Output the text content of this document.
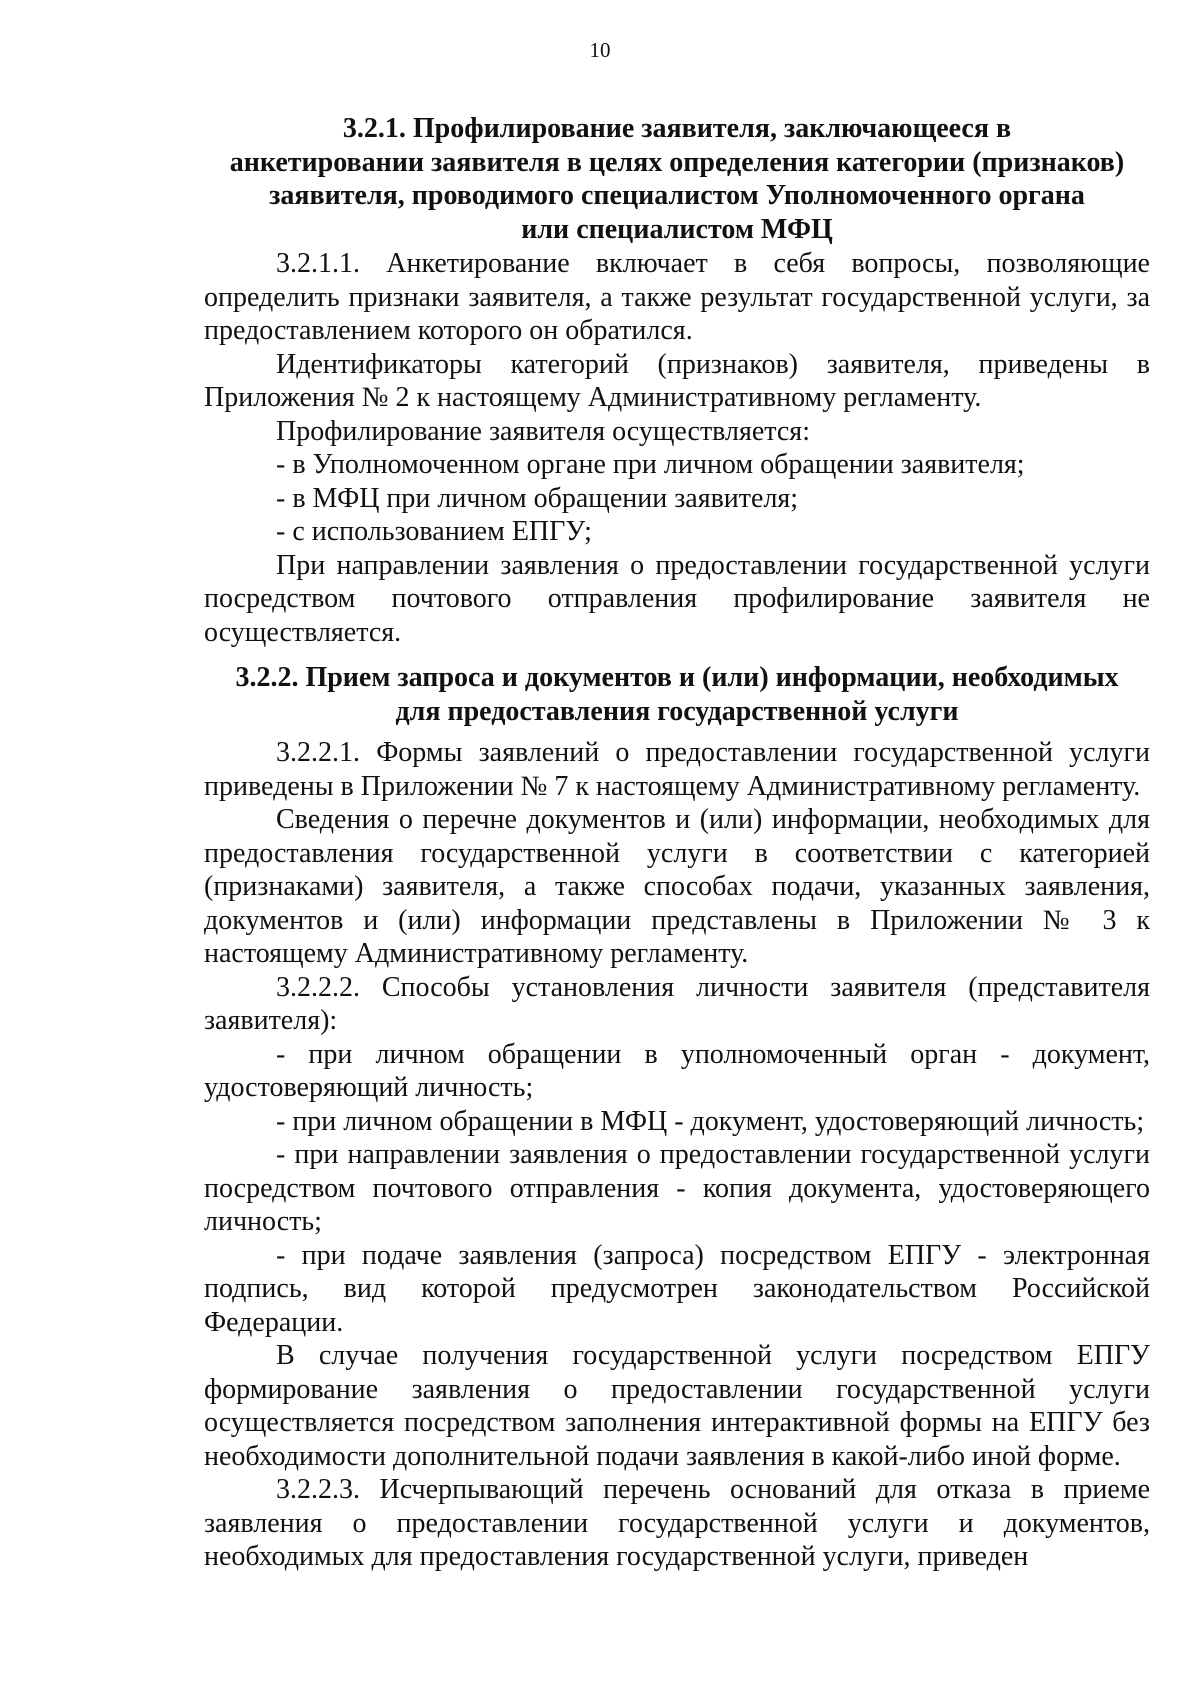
10
3.2.1. Профилирование заявителя, заключающееся в
анкетировании заявителя в целях определения категории (признаков)
заявителя, проводимого специалистом Уполномоченного органа
или специалистом МФЦ

3.2.1.1. Анкетирование включает в себя вопросы, позволяющие определить признаки заявителя, а также результат государственной услуги, за предоставлением которого он обратился.

Идентификаторы категорий (признаков) заявителя, приведены в Приложения № 2 к настоящему Административному регламенту.

Профилирование заявителя осуществляется:

- в Уполномоченном органе при личном обращении заявителя;

- в МФЦ при личном обращении заявителя;

- с использованием ЕПГУ;

При направлении заявления о предоставлении государственной услуги посредством почтового отправления профилирование заявителя не осуществляется.

3.2.2. Прием запроса и документов и (или) информации, необходимых
для предоставления государственной услуги

3.2.2.1. Формы заявлений о предоставлении государственной услуги приведены в Приложении № 7 к настоящему Административному регламенту.

Сведения о перечне документов и (или) информации, необходимых для предоставления государственной услуги в соответствии с категорией (признаками) заявителя, а также способах подачи, указанных заявления, документов и (или) информации представлены в Приложении № 3 к настоящему Административному регламенту.

3.2.2.2. Способы установления личности заявителя (представителя заявителя):

- при личном обращении в уполномоченный орган - документ, удостоверяющий личность;

- при личном обращении в МФЦ - документ, удостоверяющий личность;

- при направлении заявления о предоставлении государственной услуги посредством почтового отправления - копия документа, удостоверяющего личность;

- при подаче заявления (запроса) посредством ЕПГУ - электронная подпись, вид которой предусмотрен законодательством Российской Федерации.

В случае получения государственной услуги посредством ЕПГУ формирование заявления о предоставлении государственной услуги осуществляется посредством заполнения интерактивной формы на ЕПГУ без необходимости дополнительной подачи заявления в какой-либо иной форме.

3.2.2.3. Исчерпывающий перечень оснований для отказа в приеме заявления о предоставлении государственной услуги и документов, необходимых для предоставления государственной услуги, приведен
